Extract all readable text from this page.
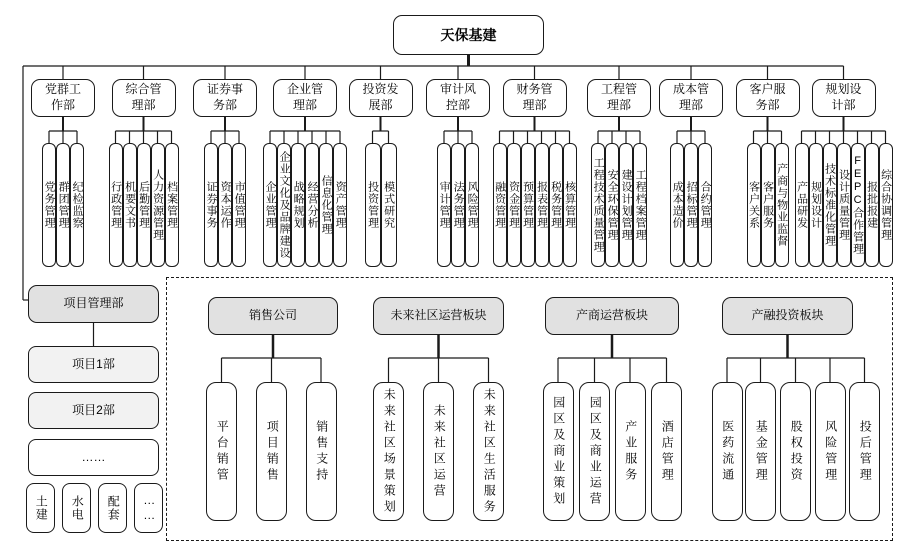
天保基建
党群工作部
党务管理 群团管理 纪检监察
综合管理部
行政管理 机要文书 后勤管理 人力资源管理 档案管理
证券事务部
证券事务 资本运作 市值管理
企业管理部
企业管理 企业文化及品牌建设 战略规划 经营分析 信息化管理 资产管理
投资发展部
投资管理 模式研究
审计风控部
审计管理 法务管理 风险管理
财务管理部
融资管理 资金管理 预算管理 报表管理 税务管理 核算管理
工程管理部
工程技术质量管理 安全环保管理 建设计划管理 工程档案管理
成本管理部
成本造价 招标管理 合约管理
客户服务部
客户关系 客户服务 产商与物业监督
规划设计部
产品研发 规划设计 技术标准化管理 设计质量管理 FEPC合作管理 报批报建 综合协调管理
项目管理部
项目1部
项目2部
……
土建	水电	配套	……
销售公司
平台销管	项目销售	销售支持
未来社区运营板块
未来社区场景策划	未来社区运营	未来社区生活服务
产商运营板块
园区及商业策划	园区及商业运营	产业服务	酒店管理
产融投资板块
医药流通	基金管理	股权投资	风险管理	投后管理
